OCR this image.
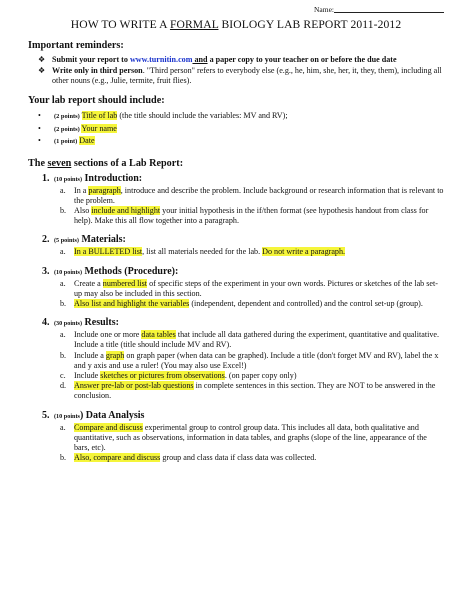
Name:
HOW TO WRITE A FORMAL BIOLOGY LAB REPORT 2011-2012
Important reminders:
❖ Submit your report to www.turnitin.com and a paper copy to your teacher on or before the due date
❖ Write only in third person. "Third person" refers to everybody else (e.g., he, him, she, her, it, they, them), including all other nouns (e.g., Julie, termite, fruit flies).
Your lab report should include:
•	(2 points) Title of lab (the title should include the variables: MV and RV);
•	(2 points) Your name
•	(1 point) Date
The seven sections of a Lab Report:
1. (10 points) Introduction:
a.	In a paragraph, introduce and describe the problem. Include background or research information that is relevant to the problem.
b. Also include and highlight your initial hypothesis in the if/then format (see hypothesis handout from class for help). Make this all flow together into a paragraph.
2. (5 points) Materials:
a.	In a BULLETED list, list all materials needed for the lab. Do not write a paragraph.
3. (10 points) Methods (Procedure):
a.	Create a numbered list of specific steps of the experiment in your own words. Pictures or sketches of the lab set-up may also be included in this section.
b. Also list and highlight the variables (independent, dependent and controlled) and the control set-up (group).
4. (30 points) Results:
a.	Include one or more data tables that include all data gathered during the experiment, quantitative and qualitative. Include a title (title should include MV and RV).
b. Include a graph on graph paper (when data can be graphed). Include a title (don't forget MV and RV), label the x and y axis and use a ruler! (You may also use Excel!)
c.	Include sketches or pictures from observations. (on paper copy only)
d. Answer pre-lab or post-lab questions in complete sentences in this section. They are NOT to be answered in the conclusion.
5. (10 points) Data Analysis
a.	Compare and discuss experimental group to control group data. This includes all data, both qualitative and quantitative, such as observations, information in data tables, and graphs (slope of the line, appearance of the bars, etc).
b. Also, compare and discuss group and class data if class data was collected.
